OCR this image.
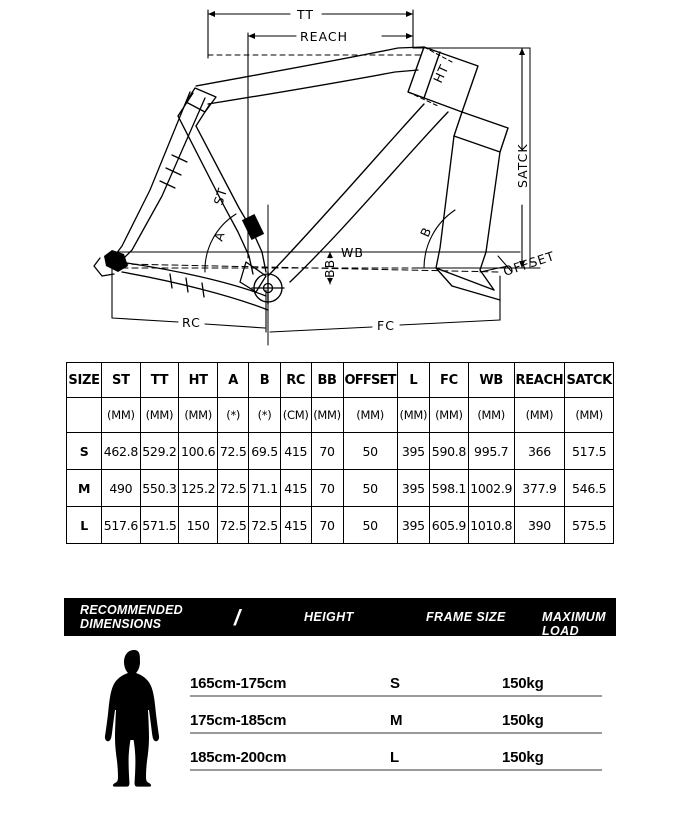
TT
REACH
HT
SATCK
OFFSET
ST
A	B
WB
BB
RC	FC
SIZE	ST	TT	HT	A	B	RC	BB	OFFSET	L	FC	WB	REACH	SATCK
	(MM)	(MM)	(MM)	(*)	(*)	(CM)	(MM)	(MM)	(MM)	(MM)	(MM)	(MM)	(MM)
S	462.8	529.2	100.6	72.5	69.5	415	70	50	395	590.8	995.7	366	517.5
M	490	550.3	125.2	72.5	71.1	415	70	50	395	598.1	1002.9	377.9	546.5
L	517.6	571.5	150	72.5	72.5	415	70	50	395	605.9	1010.8	390	575.5
RECOMMENDED
DIMENSIONS	/	HEIGHT	FRAME SIZE	MAXIMUM LOAD
165cm-175cm	S	150kg
175cm-185cm	M	150kg
185cm-200cm	L	150kg
